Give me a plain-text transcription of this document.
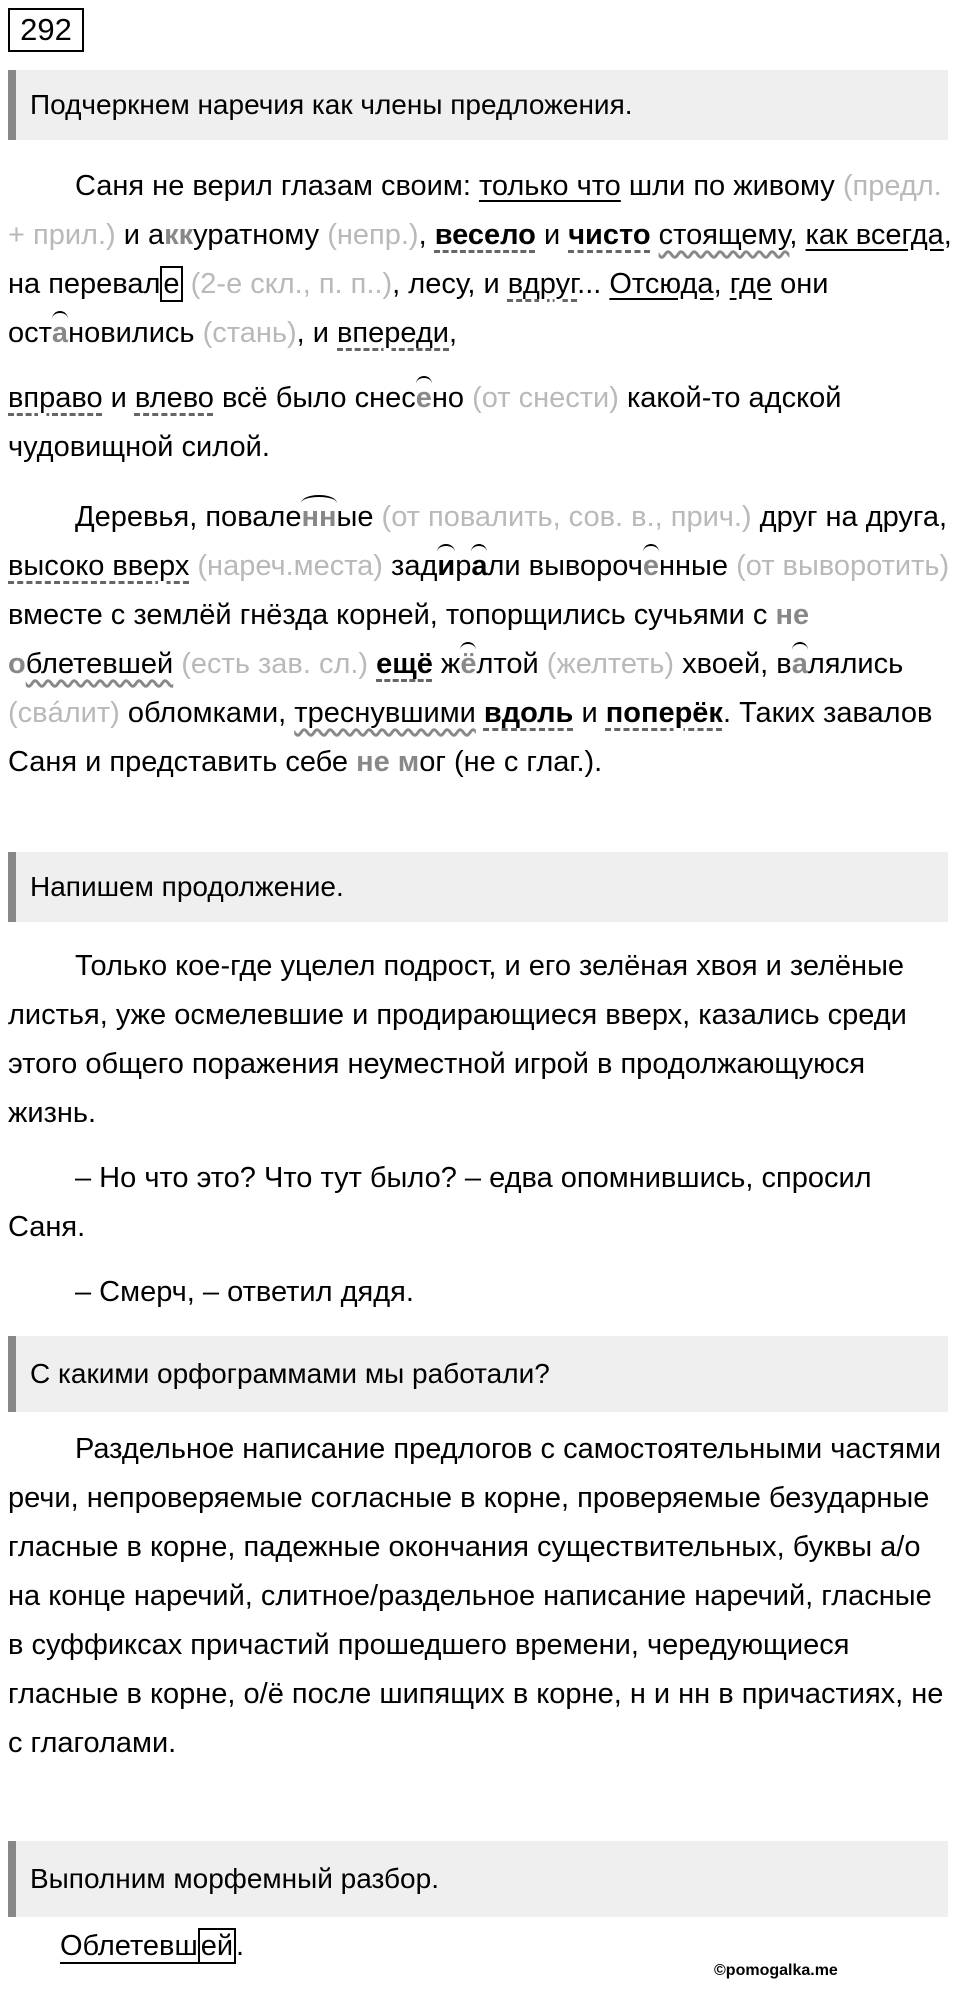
292
Подчеркнем наречия как члены предложения.

Саня не верил глазам своим: только что шли по живому (предл. + прил.) и аккуратному (непр.), весело и чисто стоящему, как всегда, на перевал е (2-е скл., п. п..), лесу, и вдруг... Отсюда, где они остановились (стань), и впереди,
вправо и влево всё было снесено (от снести) какой-то адской чудовищной силой.

Деревья, поваленные (от повалить, сов. в., прич.) друг на друга, высоко вверх (нареч.места) задирали вывороченные (от выворотить) вместе с землёй гнёзда корней, топорщились сучьями с не облетевшей (есть зав. сл.) ещё жёлтой (желтеть) хвоей, валялись (свáлит) обломками, треснувшими вдоль и поперёк. Таких завалов Саня и представить себе не мог (не с глаг.).

Напишем продолжение.

Только кое-где уцелел подрост, и его зелёная хвоя и зелёные листья, уже осмелевшие и продирающиеся вверх, казались среди этого общего поражения неуместной игрой в продолжающуюся жизнь.

– Но что это? Что тут было? – едва опомнившись, спросил Саня.

– Смерч, – ответил дядя.

С какими орфограммами мы работали?

Раздельное написание предлогов с самостоятельными частями речи, непроверяемые согласные в корне, проверяемые безударные гласные в корне, падежные окончания существительных, буквы а/о на конце наречий, слитное/раздельное написание наречий, гласные в суффиксах причастий прошедшего времени, чередующиеся гласные в корне, о/ё после шипящих в корне, н и нн в причастиях, не с глаголами.

Выполним морфемный разбор.
Облетевш ей .
©pomogalka.me
